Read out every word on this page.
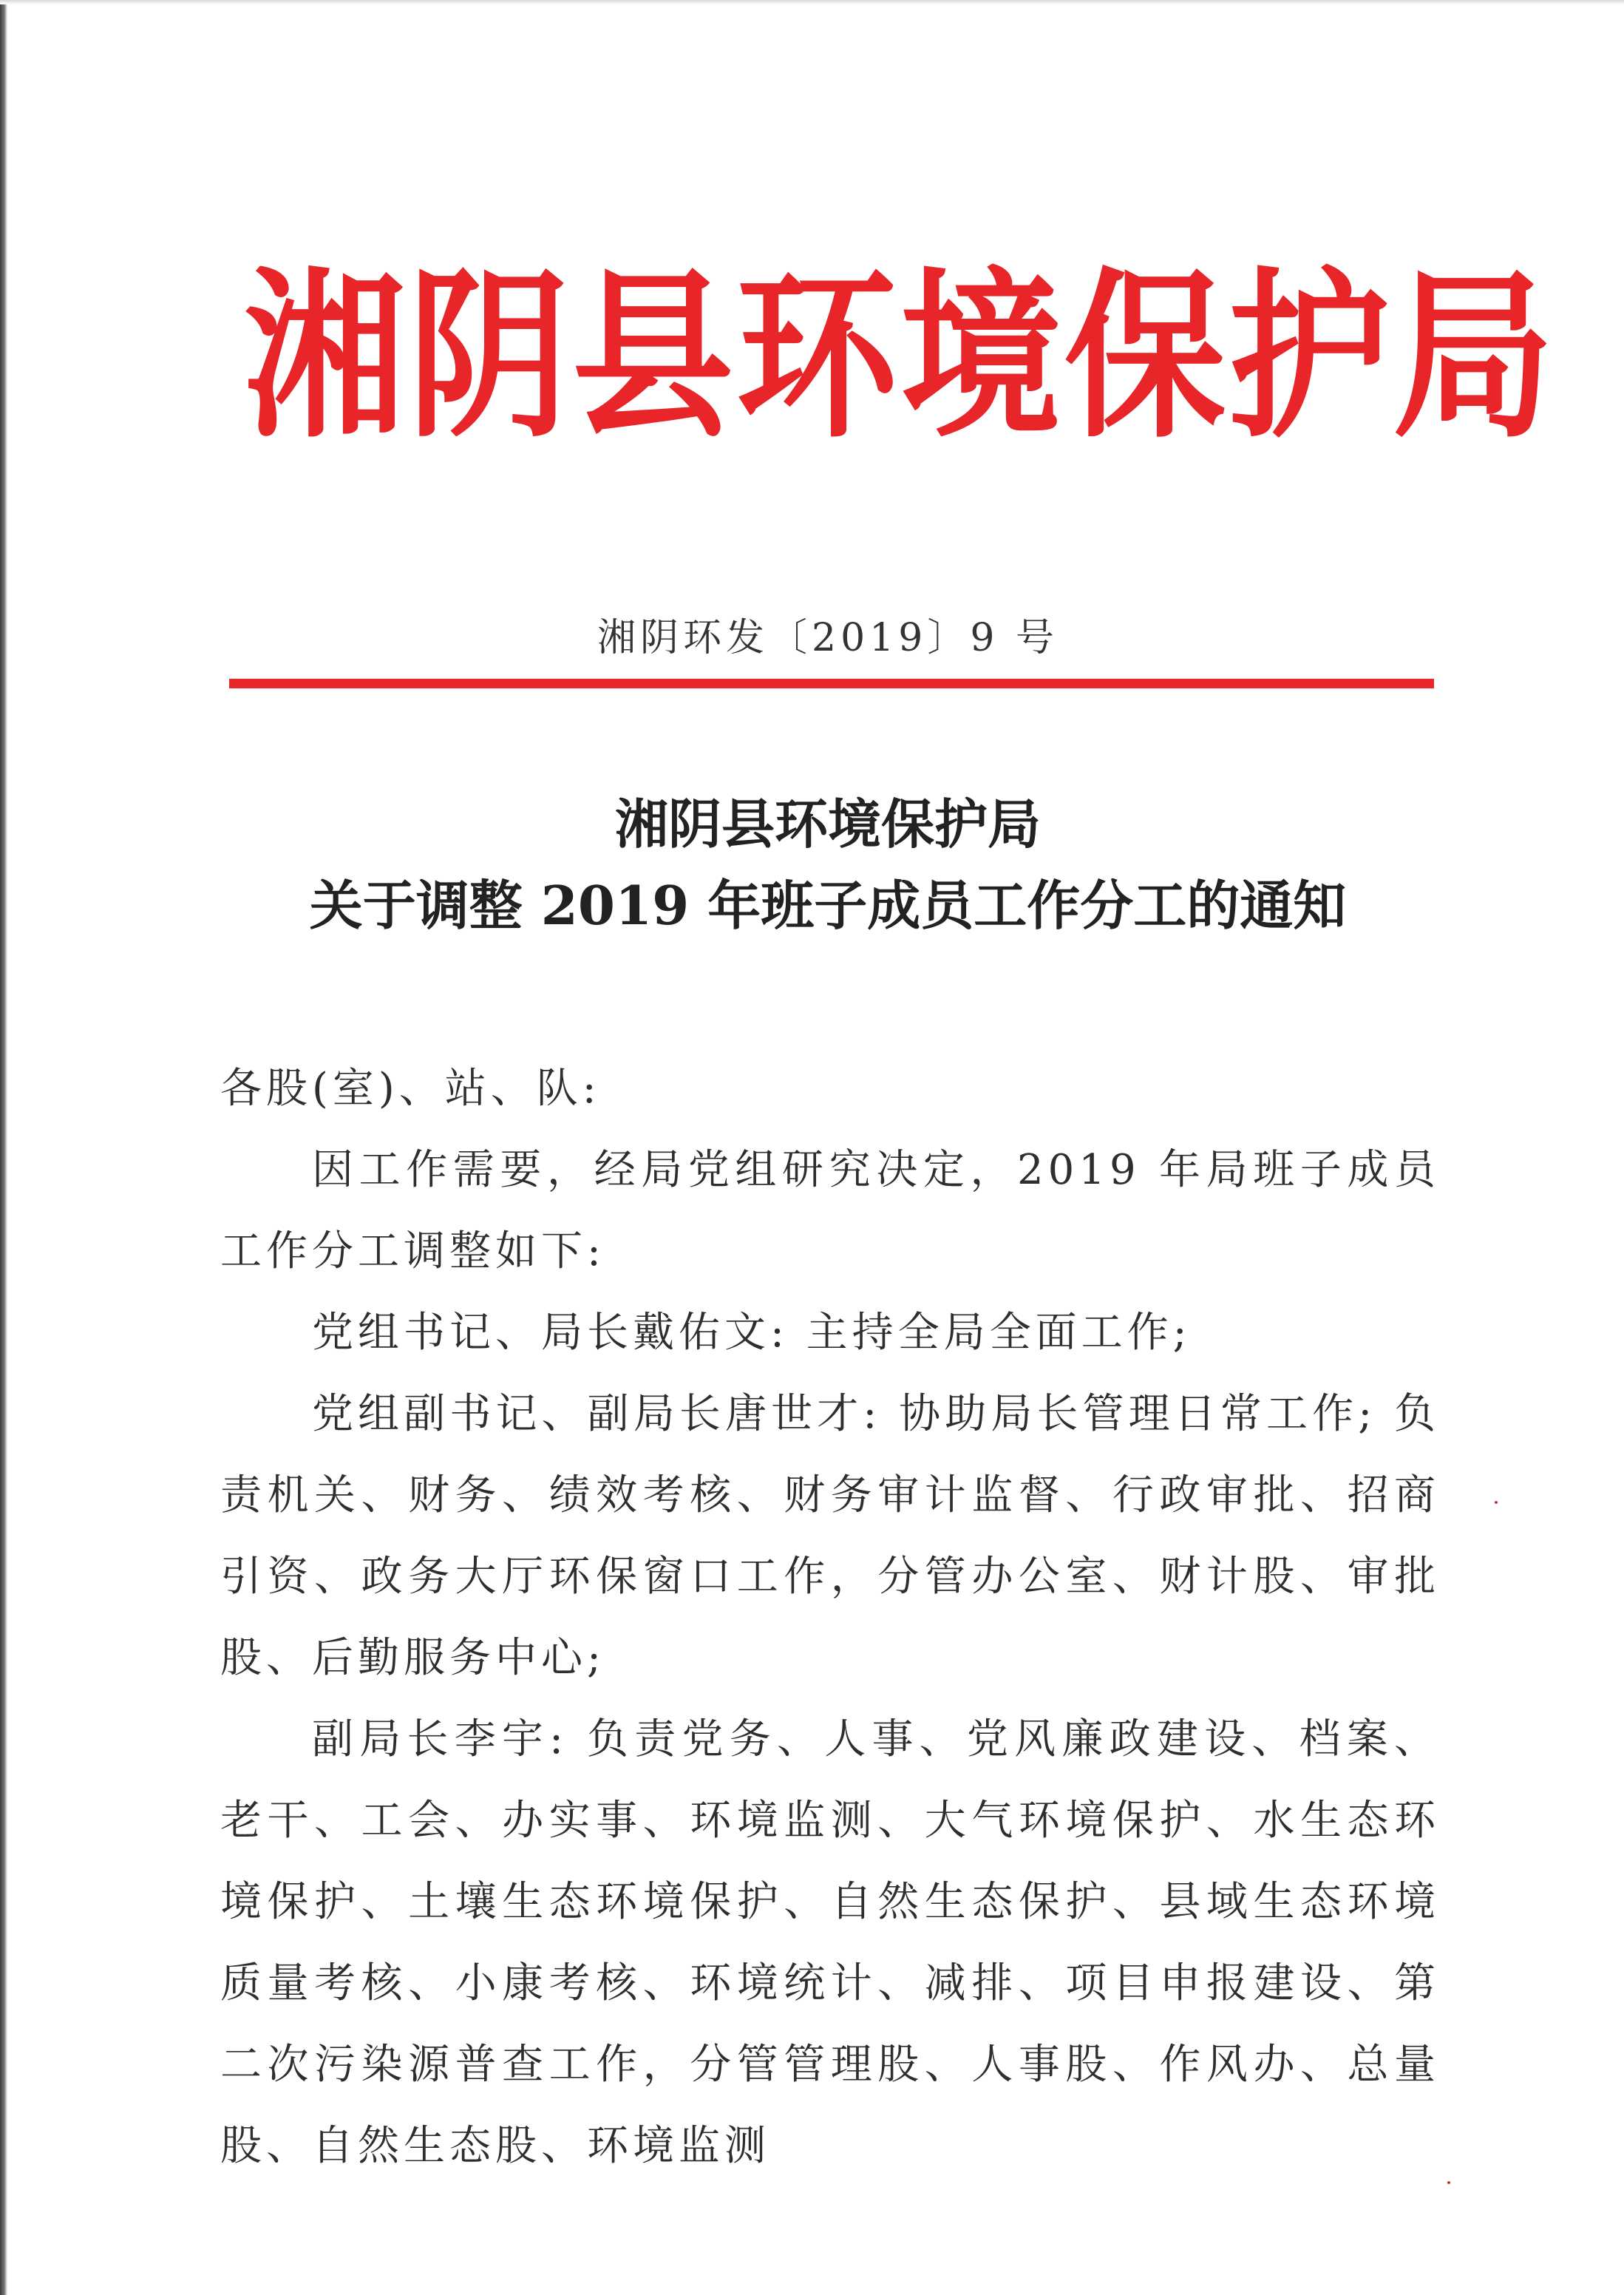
湘阴县环境保护局
湘阴环发〔2019〕9 号
湘阴县环境保护局
关于调整 2019 年班子成员工作分工的通知

各股(室)、站、队:

因工作需要，经局党组研究决定，2019 年局班子成员工作分工调整如下:

党组书记、局长戴佑文: 主持全局全面工作;

党组副书记、副局长唐世才: 协助局长管理日常工作; 负责机关、财务、绩效考核、财务审计监督、行政审批、招商引资、政务大厅环保窗口工作，分管办公室、财计股、审批股、后勤服务中心;

副局长李宇: 负责党务、人事、党风廉政建设、档案、老干、工会、办实事、环境监测、大气环境保护、水生态环境保护、土壤生态环境保护、自然生态保护、县域生态环境质量考核、小康考核、环境统计、减排、项目申报建设、第二次污染源普查工作，分管管理股、人事股、作风办、总量股、自然生态股、环境监测
